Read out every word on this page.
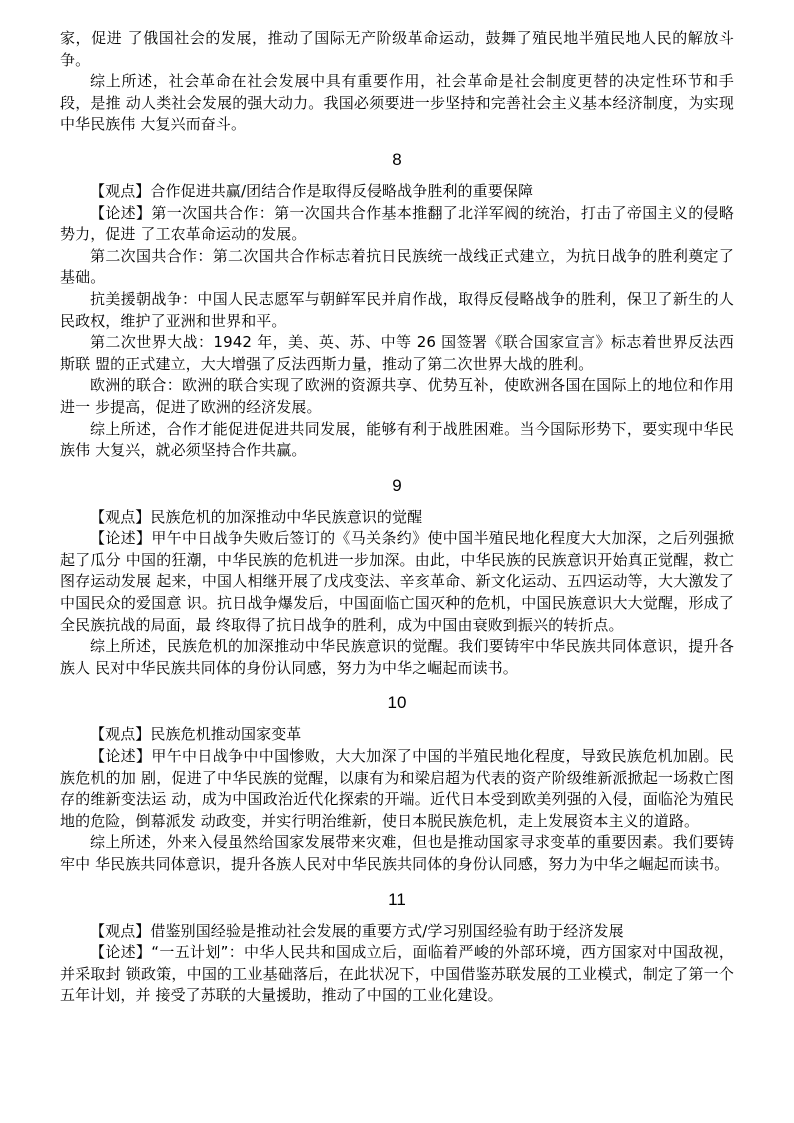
家，促进 了俄国社会的发展，推动了国际无产阶级革命运动，鼓舞了殖民地半殖民地人民的解放斗争。

综上所述，社会革命在社会发展中具有重要作用，社会革命是社会制度更替的决定性环节和手段，是推 动人类社会发展的强大动力。我国必须要进一步坚持和完善社会主义基本经济制度，为实现中华民族伟 大复兴而奋斗。

8

【观点】合作促进共赢/团结合作是取得反侵略战争胜利的重要保障

【论述】第一次国共合作：第一次国共合作基本推翻了北洋军阀的统治，打击了帝国主义的侵略势力，促进 了工农革命运动的发展。

第二次国共合作：第二次国共合作标志着抗日民族统一战线正式建立，为抗日战争的胜利奠定了基础。

抗美援朝战争：中国人民志愿军与朝鲜军民并肩作战，取得反侵略战争的胜利，保卫了新生的人民政权，维护了亚洲和世界和平。

第二次世界大战：1942 年，美、英、苏、中等 26 国签署《联合国家宣言》标志着世界反法西斯联 盟的正式建立，大大增强了反法西斯力量，推动了第二次世界大战的胜利。

欧洲的联合：欧洲的联合实现了欧洲的资源共享、优势互补，使欧洲各国在国际上的地位和作用进一 步提高，促进了欧洲的经济发展。

综上所述，合作才能促进促进共同发展，能够有利于战胜困难。当今国际形势下，要实现中华民族伟 大复兴，就必须坚持合作共赢。

9

【观点】民族危机的加深推动中华民族意识的觉醒

【论述】甲午中日战争失败后签订的《马关条约》使中国半殖民地化程度大大加深，之后列强掀起了瓜分 中国的狂潮，中华民族的危机进一步加深。由此，中华民族的民族意识开始真正觉醒，救亡图存运动发展 起来，中国人相继开展了戊戌变法、辛亥革命、新文化运动、五四运动等，大大激发了中国民众的爱国意 识。抗日战争爆发后，中国面临亡国灭种的危机，中国民族意识大大觉醒，形成了全民族抗战的局面，最 终取得了抗日战争的胜利，成为中国由衰败到振兴的转折点。

综上所述，民族危机的加深推动中华民族意识的觉醒。我们要铸牢中华民族共同体意识，提升各族人 民对中华民族共同体的身份认同感，努力为中华之崛起而读书。

10

【观点】民族危机推动国家变革

【论述】甲午中日战争中中国惨败，大大加深了中国的半殖民地化程度，导致民族危机加剧。民族危机的加 剧，促进了中华民族的觉醒，以康有为和梁启超为代表的资产阶级维新派掀起一场救亡图存的维新变法运 动，成为中国政治近代化探索的开端。近代日本受到欧美列强的入侵，面临沦为殖民地的危险，倒幕派发 动政变，并实行明治维新，使日本脱民族危机，走上发展资本主义的道路。

综上所述，外来入侵虽然给国家发展带来灾难，但也是推动国家寻求变革的重要因素。我们要铸牢中 华民族共同体意识，提升各族人民对中华民族共同体的身份认同感，努力为中华之崛起而读书。

11

【观点】借鉴别国经验是推动社会发展的重要方式/学习别国经验有助于经济发展

【论述】“一五计划”：中华人民共和国成立后，面临着严峻的外部环境，西方国家对中国敌视，并采取封 锁政策，中国的工业基础落后，在此状况下，中国借鉴苏联发展的工业模式，制定了第一个五年计划，并 接受了苏联的大量援助，推动了中国的工业化建设。
